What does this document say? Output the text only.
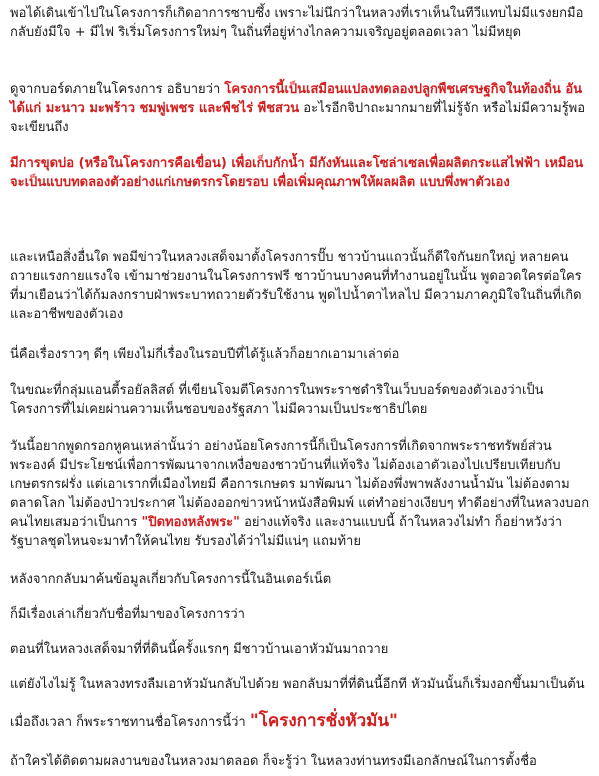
พอได้เดินเข้าไปในโครงการก็เกิดอาการซาบซึ้ง เพราะไม่นึกว่าในหลวงที่เราเห็นในทีวีแทบไม่มีแรงยกมือ กลับยังมีใจ + มีไฟ ริเริ่มโครงการใหม่ๆ ในถิ่นที่อยู่ห่างไกลความเจริญอยู่ตลอดเวลา ไม่มีหยุด

ดูจากบอร์ดภายในโครงการ อธิบายว่า โครงการนี้เป็นเสมือนแปลงทดลองปลูกพืชเศรษฐกิจในท้องถิ่น อันได้แก่ มะนาว มะพร้าว ชมพู่เพชร และพืชไร่ พืชสวน อะไรอีกจิปาถะมากมายที่ไม่รู้จัก หรือไม่มีความรู้พอจะเขียนถึง

มีการขุดบ่อ (หรือในโครงการคือเขื่อน) เพื่อเก็บกักน้ำ มีกังหันและโซล่าเซลเพื่อผลิตกระแสไฟฟ้า เหมือนจะเป็นแบบทดลองตัวอย่างแก่เกษตรกรโดยรอบ เพื่อเพิ่มคุณภาพให้ผลผลิต แบบพึ่งพาตัวเอง

และเหนือสิ่งอื่นใด พอมีข่าวในหลวงเสด็จมาตั้งโครงการปั๊บ ชาวบ้านแถวนั้นก็ดีใจกันยกใหญ่ หลายคนถวายแรงกายแรงใจ เข้ามาช่วยงานในโครงการฟรี ชาวบ้านบางคนที่ทำงานอยู่ในนั้น พูดอวดใครต่อใครที่มาเยือนว่าได้ก้มลงกราบฝ่าพระบาทถวายตัวรับใช้งาน พูดไปน้ำตาไหลไป มีความภาคภูมิใจในถิ่นที่เกิดและอาชีพของตัวเอง

นี่คือเรื่องราวๆ ดีๆ เพียงไม่กี่เรื่องในรอบปีที่ได้รู้แล้วก็อยากเอามาเล่าต่อ

ในขณะที่กลุ่มแอนตี้รอยัลลิสต์ ที่เขียนโจมตีโครงการในพระราชดำริในเว็บบอร์ดของตัวเองว่าเป็นโครงการที่ไม่เคยผ่านความเห็นชอบของรัฐสภา ไม่มีความเป็นประชาธิปไตย

วันนี้อยากพูดกรอกหูคนเหล่านั้นว่า อย่างน้อยโครงการนี้ก็เป็นโครงการที่เกิดจากพระราชทรัพย์ส่วนพระองค์ มีประโยชน์เพื่อการพัฒนาจากเหงื่อของชาวบ้านที่แท้จริง ไม่ต้องเอาตัวเองไปเปรียบเทียบกับเกษตรกรฝรั่ง แต่เอาเรากที่เมืองไทยมี คือการเกษตร มาพัฒนา ไม่ต้องพึ่งพาพลังงานน้ำมัน ไม่ต้องตามตลาดโลก ไม่ต้องป่าวประกาศ ไม่ต้องออกข่าวหน้าหนังสือพิมพ์ แต่ทำอย่างเงียบๆ ทำดีอย่างที่ในหลวงบอกคนไทยเสมอว่าเป็นการ "ปิดทองหลังพระ" อย่างแท้จริง และงานแบบนี้ ถ้าในหลวงไม่ทำ ก็อย่าหวังว่ารัฐบาลชุดไหนจะมาทำให้คนไทย รับรองได้ว่าไม่มีแน่ๆ แถมท้าย

หลังจากกลับมาค้นข้อมูลเกี่ยวกับโครงการนี้ในอินเตอร์เน็ต

ก็มีเรื่องเล่าเกี่ยวกับชื่อที่มาของโครงการว่า

ตอนที่ในหลวงเสด็จมาที่ที่ดินนี้ครั้งแรกๆ มีชาวบ้านเอาหัวมันมาถวาย

แต่ยังไงไม่รู้ ในหลวงทรงลืมเอาหัวมันกลับไปด้วย พอกลับมาที่ที่ดินนี้อีกที หัวมันนั้นก็เริ่มงอกขึ้นมาเป็นต้น

เมื่อถึงเวลา ก็พระราชทานชื่อโครงการนี้ว่า "โครงการชั่งหัวมัน"

ถ้าใครได้ติดตามผลงานของในหลวงมาตลอด ก็จะรู้ว่า ในหลวงท่านทรงมีเอกลักษณ์ในการตั้งชื่อ
